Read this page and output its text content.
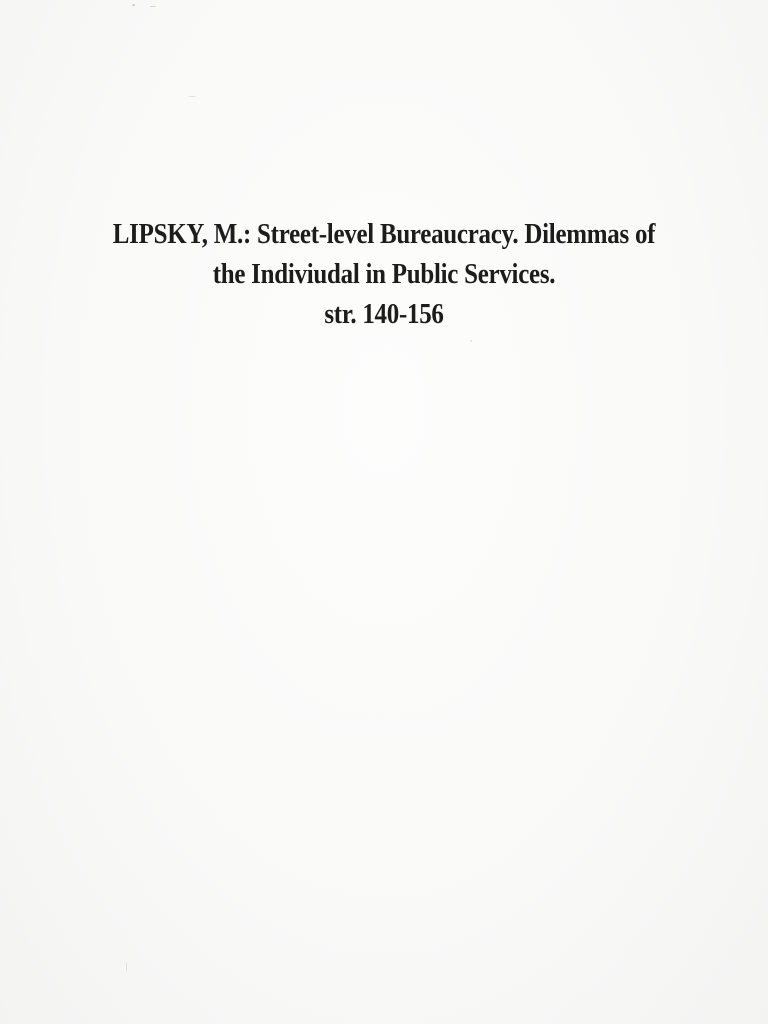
LIPSKY, M.: Street-level Bureaucracy. Dilemmas of
the Indiviudal in Public Services.
str. 140-156
